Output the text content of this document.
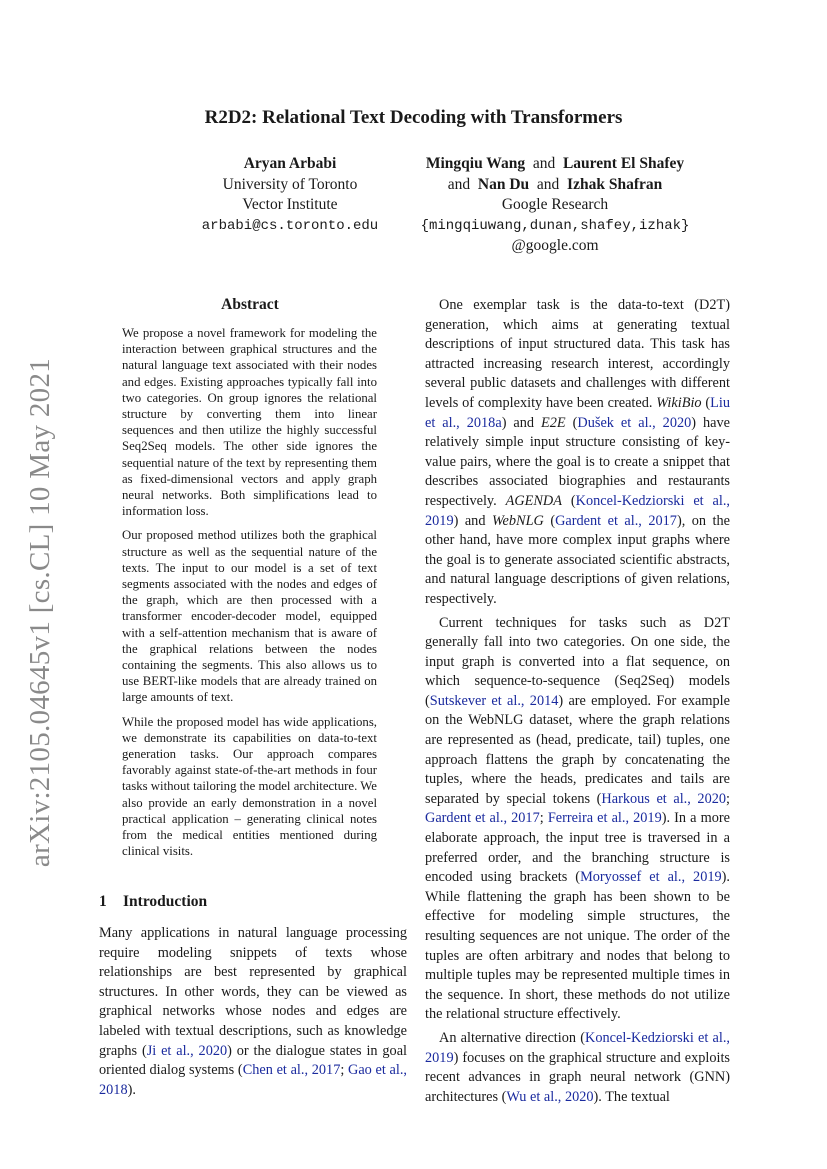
R2D2: Relational Text Decoding with Transformers
Aryan Arbabi
University of Toronto
Vector Institute
arbabi@cs.toronto.edu
Mingqiu Wang and Laurent El Shafey
and Nan Du and Izhak Shafran
Google Research
{mingqiuwang,dunan,shafey,izhak}
@google.com
arXiv:2105.04645v1 [cs.CL] 10 May 2021
Abstract

We propose a novel framework for modeling the interaction between graphical structures and the natural language text associated with their nodes and edges. Existing approaches typically fall into two categories. On group ignores the relational structure by converting them into linear sequences and then utilize the highly successful Seq2Seq models. The other side ignores the sequential nature of the text by representing them as fixed-dimensional vectors and apply graph neural networks. Both simplifications lead to information loss.

Our proposed method utilizes both the graphical structure as well as the sequential nature of the texts. The input to our model is a set of text segments associated with the nodes and edges of the graph, which are then processed with a transformer encoder-decoder model, equipped with a self-attention mechanism that is aware of the graphical relations between the nodes containing the segments. This also allows us to use BERT-like models that are already trained on large amounts of text.

While the proposed model has wide applications, we demonstrate its capabilities on data-to-text generation tasks. Our approach compares favorably against state-of-the-art methods in four tasks without tailoring the model architecture. We also provide an early demonstration in a novel practical application – generating clinical notes from the medical entities mentioned during clinical visits.

1 Introduction
Many applications in natural language processing require modeling snippets of texts whose relationships are best represented by graphical structures. In other words, they can be viewed as graphical networks whose nodes and edges are labeled with textual descriptions, such as knowledge graphs (Ji et al., 2020) or the dialogue states in goal oriented dialog systems (Chen et al., 2017; Gao et al., 2018).

One exemplar task is the data-to-text (D2T) generation, which aims at generating textual descriptions of input structured data. This task has attracted increasing research interest, accordingly several public datasets and challenges with different levels of complexity have been created. WikiBio (Liu et al., 2018a) and E2E (Dušek et al., 2020) have relatively simple input structure consisting of key-value pairs, where the goal is to create a snippet that describes associated biographies and restaurants respectively. AGENDA (Koncel-Kedziorski et al., 2019) and WebNLG (Gardent et al., 2017), on the other hand, have more complex input graphs where the goal is to generate associated scientific abstracts, and natural language descriptions of given relations, respectively.

Current techniques for tasks such as D2T generally fall into two categories. On one side, the input graph is converted into a flat sequence, on which sequence-to-sequence (Seq2Seq) models (Sutskever et al., 2014) are employed. For example on the WebNLG dataset, where the graph relations are represented as (head, predicate, tail) tuples, one approach flattens the graph by concatenating the tuples, where the heads, predicates and tails are separated by special tokens (Harkous et al., 2020; Gardent et al., 2017; Ferreira et al., 2019). In a more elaborate approach, the input tree is traversed in a preferred order, and the branching structure is encoded using brackets (Moryossef et al., 2019). While flattening the graph has been shown to be effective for modeling simple structures, the resulting sequences are not unique. The order of the tuples are often arbitrary and nodes that belong to multiple tuples may be represented multiple times in the sequence. In short, these methods do not utilize the relational structure effectively.

An alternative direction (Koncel-Kedziorski et al., 2019) focuses on the graphical structure and exploits recent advances in graph neural network (GNN) architectures (Wu et al., 2020). The textual
